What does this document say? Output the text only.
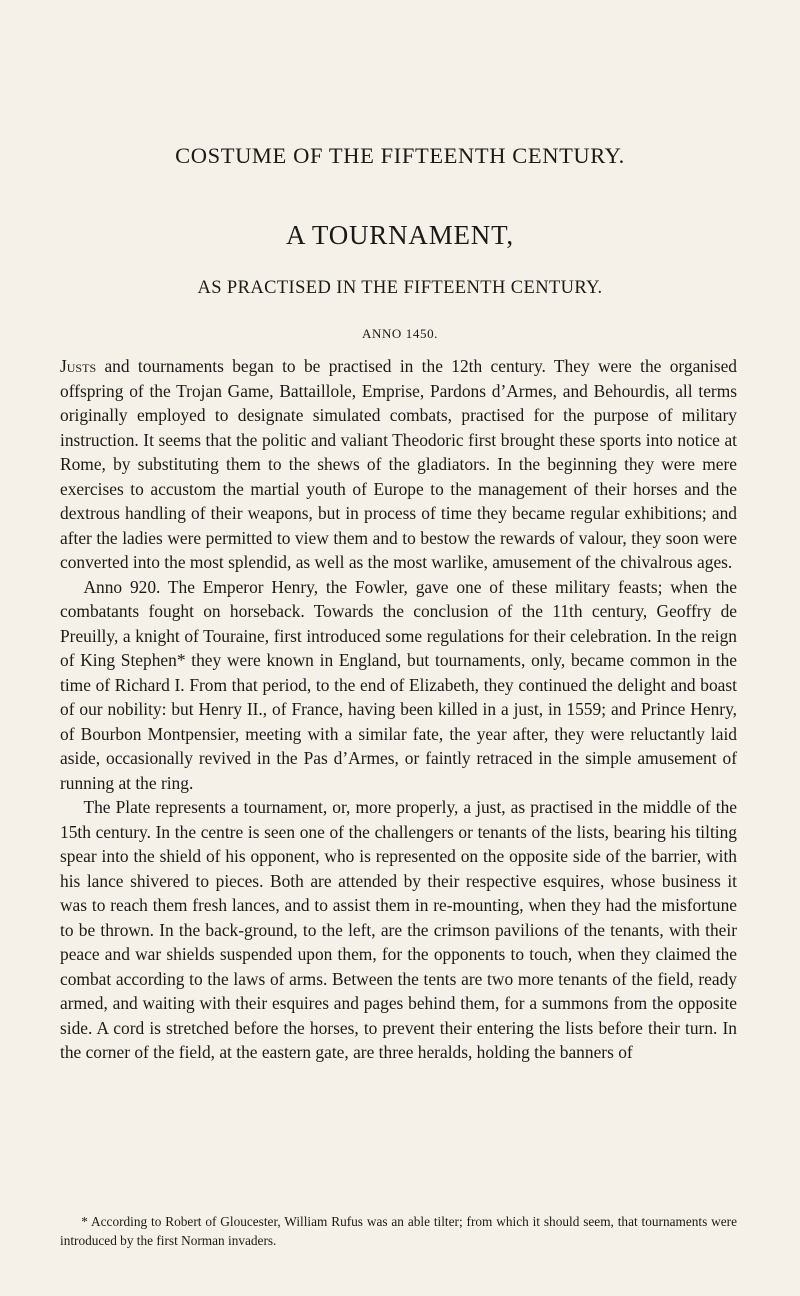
COSTUME OF THE FIFTEENTH CENTURY.
A TOURNAMENT,
AS PRACTISED IN THE FIFTEENTH CENTURY.
ANNO 1450.

Justs and tournaments began to be practised in the 12th century. They were the organised offspring of the Trojan Game, Battaillole, Emprise, Pardons d’Armes, and Behourdis, all terms originally employed to designate simulated combats, practised for the purpose of military instruction. It seems that the politic and valiant Theodoric first brought these sports into notice at Rome, by substituting them to the shews of the gladiators. In the beginning they were mere exercises to accustom the martial youth of Europe to the management of their horses and the dextrous handling of their weapons, but in process of time they became regular exhibitions; and after the ladies were permitted to view them and to bestow the rewards of valour, they soon were converted into the most splendid, as well as the most warlike, amusement of the chivalrous ages.

Anno 920. The Emperor Henry, the Fowler, gave one of these military feasts; when the combatants fought on horseback. Towards the conclusion of the 11th century, Geoffry de Preuilly, a knight of Touraine, first introduced some regulations for their celebration. In the reign of King Stephen* they were known in England, but tournaments, only, became common in the time of Richard I. From that period, to the end of Elizabeth, they continued the delight and boast of our nobility: but Henry II., of France, having been killed in a just, in 1559; and Prince Henry, of Bourbon Montpensier, meeting with a similar fate, the year after, they were reluctantly laid aside, occasionally revived in the Pas d’Armes, or faintly retraced in the simple amusement of running at the ring.

The Plate represents a tournament, or, more properly, a just, as practised in the middle of the 15th century. In the centre is seen one of the challengers or tenants of the lists, bearing his tilting spear into the shield of his opponent, who is represented on the opposite side of the barrier, with his lance shivered to pieces. Both are attended by their respective esquires, whose business it was to reach them fresh lances, and to assist them in re-mounting, when they had the misfortune to be thrown. In the back-ground, to the left, are the crimson pavilions of the tenants, with their peace and war shields suspended upon them, for the opponents to touch, when they claimed the combat according to the laws of arms. Between the tents are two more tenants of the field, ready armed, and waiting with their esquires and pages behind them, for a summons from the opposite side. A cord is stretched before the horses, to prevent their entering the lists before their turn. In the corner of the field, at the eastern gate, are three heralds, holding the banners of

* According to Robert of Gloucester, William Rufus was an able tilter; from which it should seem, that tournaments were introduced by the first Norman invaders.
